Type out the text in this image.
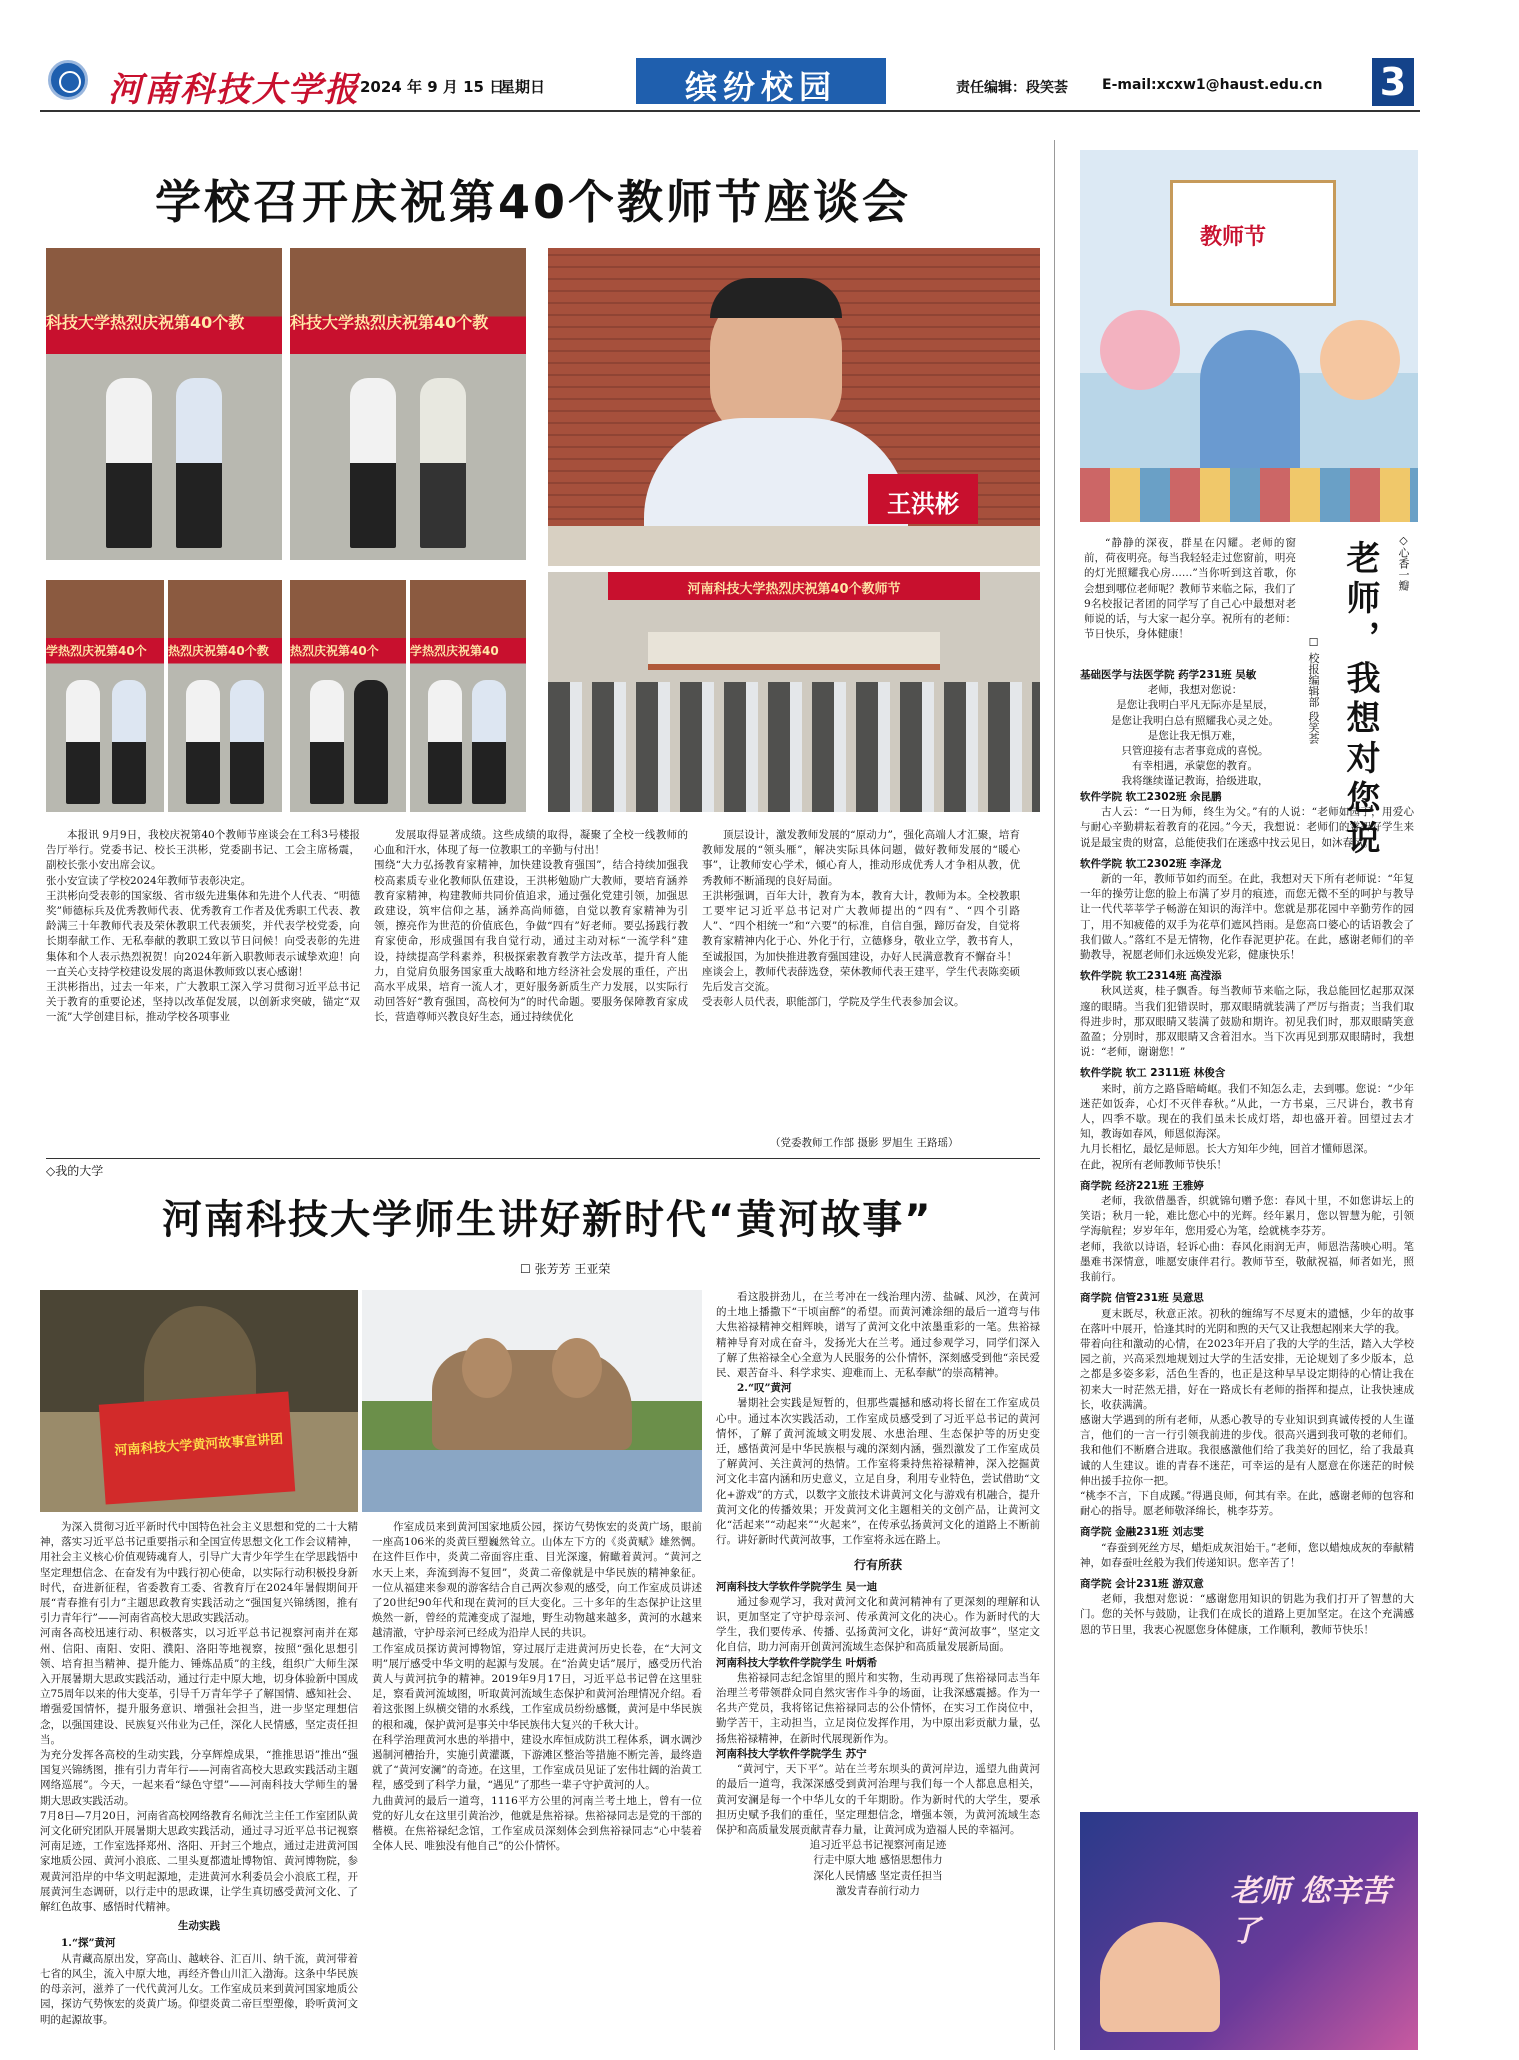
河南科技大学报 2024 年 9 月 15 日
星期日	缤纷校园	责任编辑：段笑荟 E-mail:xcxw1@haust.edu.cn 3
学校召开庆祝第40个教师节座谈会
科技大学热烈庆祝第40个教	科技大学热烈庆祝第40个教
学热烈庆祝第40个 热烈庆祝第40个教 热烈庆祝第40个	学热烈庆祝第40
王洪彬
河南科技大学热烈庆祝第40个教师节
本报讯 9月9日，我校庆祝第40个教师节座谈会在工科3号楼报告厅举行。党委书记、校长王洪彬，党委副书记、工会主席杨震，副校长张小安出席会议。
张小安宣读了学校2024年教师节表彰决定。
王洪彬向受表彰的国家级、省市级先进集体和先进个人代表、“明德奖”师德标兵及优秀教师代表、优秀教育工作者及优秀职工代表、教龄满三十年教师代表及荣休教职工代表颁奖，并代表学校党委，向长期奉献工作、无私奉献的教职工致以节日问候！向受表彰的先进集体和个人表示热烈祝贺！向2024年新入职教师表示诚挚欢迎！向一直关心支持学校建设发展的离退休教师致以衷心感谢！
王洪彬指出，过去一年来，广大教职工深入学习贯彻习近平总书记关于教育的重要论述，坚持以改革促发展，以创新求突破，锚定“双一流”大学创建目标，推动学校各项事业
发展取得显著成绩。这些成绩的取得，凝聚了全校一线教师的心血和汗水，体现了每一位教职工的辛勤与付出！
围绕“大力弘扬教育家精神，加快建设教育强国”，结合持续加强我校高素质专业化教师队伍建设，王洪彬勉励广大教师，要培育涵养教育家精神，构建教师共同价值追求，通过强化党建引领，加强思政建设，筑牢信仰之基，涵养高尚师德，自觉以教育家精神为引领，擦亮作为世范的价值底色，争做“四有”好老师。要弘扬践行教育家使命，形成强国有我自觉行动，通过主动对标“一流学科”建设，持续提高学科素养，积极探索教育教学方法改革，提升育人能力，自觉肩负服务国家重大战略和地方经济社会发展的重任，产出高水平成果，培育一流人才，更好服务新质生产力发展，以实际行动回答好“教育强国，高校何为”的时代命题。要服务保障教育家成长，营造尊师兴教良好生态，通过持续优化
顶层设计，激发教师发展的“原动力”，强化高端人才汇聚，培育教师发展的“领头雁”，解决实际具体问题，做好教师发展的“暖心事”，让教师安心学术，倾心育人，推动形成优秀人才争相从教，优秀教师不断涌现的良好局面。
王洪彬强调，百年大计，教育为本，教育大计，教师为本。全校教职工要牢记习近平总书记对广大教师提出的“四有”、“四个引路人”、“四个相统一”和“六要”的标准，自信自强，蹄厉奋发，自觉将教育家精神内化于心、外化于行，立德修身，敬业立学，教书育人，至诚报国，为加快推进教育强国建设，办好人民满意教育不懈奋斗！
座谈会上，教师代表薛选登，荣休教师代表王建平，学生代表陈奕硕先后发言交流。
受表彰人员代表，职能部门，学院及学生代表参加会议。
（党委教师工作部 摄影 罗旭生 王路瑶）
◇我的大学
河南科技大学师生讲好新时代“黄河故事”
☐ 张芳芳 王亚荣
河南科技大学黄河故事宣讲团
为深入贯彻习近平新时代中国特色社会主义思想和党的二十大精神，落实习近平总书记重要指示和全国宣传思想文化工作会议精神，用社会主义核心价值观铸魂育人，引导广大青少年学生在学思践悟中坚定理想信念、在奋发有为中践行初心使命，以实际行动积极投身新时代，奋进新征程，省委教育工委、省教育厅在2024年暑假期间开展“青春推有引力”主题思政教育实践活动之“强国复兴锦绣图，推有引力青年行”——河南省高校大思政实践活动。
河南各高校迅速行动、积极落实，以习近平总书记视察河南并在郑州、信阳、南阳、安阳、濮阳、洛阳等地视察，按照“强化思想引领、培育担当精神、提升能力、锤炼品质”的主线，组织广大师生深入开展暑期大思政实践活动，通过行走中原大地，切身体验新中国成立75周年以来的伟大变革，引导千万青年学子了解国情、感知社会、增强爱国情怀，提升服务意识、增强社会担当，进一步坚定理想信念，以强国建设、民族复兴伟业为己任，深化人民情感，坚定责任担当。
为充分发挥各高校的生动实践，分享辉煌成果，“推推思语”推出“强国复兴锦绣图，推有引力青年行——河南省高校大思政实践活动主题网络巡展”。今天，一起来看“绿色守望”——河南科技大学师生的暑期大思政实践活动。
7月8日—7月20日，河南省高校网络教育名师沈兰主任工作室团队黄河文化研究团队开展暑期大思政实践活动，通过寻习近平总书记视察河南足迹，工作室选择郑州、洛阳、开封三个地点，通过走进黄河国家地质公园、黄河小浪底、二里头夏都遗址博物馆、黄河博物院，参观黄河沿岸的中华文明起源地，走进黄河水利委员会小浪底工程，开展黄河生态调研，以行走中的思政课，让学生真切感受黄河文化、了解红色故事、感悟时代精神。
生动实践
1.“探”黄河
从青藏高原出发，穿高山、越峡谷、汇百川、纳千流，黄河带着七省的风尘，流入中原大地，再经齐鲁山川汇入渤海。这条中华民族的母亲河，滋养了一代代黄河儿女。工作室成员来到黄河国家地质公园，探访气势恢宏的炎黄广场。仰望炎黄二帝巨型塑像，聆听黄河文明的起源故事。
作室成员来到黄河国家地质公园，探访气势恢宏的炎黄广场，眼前一座高106米的炎黄巨塑巍然耸立。山体左下方的《炎黄赋》雄然惆。在这件巨作中，炎黄二帝面容庄重、目光深邃，俯瞰着黄河。“黄河之水天上来，奔流到海不复回”，炎黄二帝像就是中华民族的精神象征。一位从福建来参观的游客结合自己两次参观的感受，向工作室成员讲述了20世纪90年代和现在黄河的巨大变化。三十多年的生态保护让这里焕然一新，曾经的荒滩变成了湿地，野生动物越来越多，黄河的水越来越清澈，守护母亲河已经成为沿岸人民的共识。
工作室成员探访黄河博物馆，穿过展厅走进黄河历史长卷，在“大河文明”展厅感受中华文明的起源与发展。在“治黄史话”展厅，感受历代治黄人与黄河抗争的精神。2019年9月17日，习近平总书记曾在这里驻足，察看黄河流域图，听取黄河流域生态保护和黄河治理情况介绍。看着这张图上纵横交错的水系线，工作室成员纷纷感慨，黄河是中华民族的根和魂，保护黄河是事关中华民族伟大复兴的千秋大计。
在科学治理黄河水患的举措中，建设水库恒成防洪工程体系，调水调沙遏制河槽抬升，实施引黄灌溉，下游滩区整治等措施不断完善，最终造就了“黄河安澜”的奇迹。在这里，工作室成员见证了宏伟壮阔的治黄工程，感受到了科学力量，“遇见”了那些一辈子守护黄河的人。
九曲黄河的最后一道弯，1116平方公里的河南兰考土地上，曾有一位党的好儿女在这里引黄治沙，他就是焦裕禄。焦裕禄同志是党的干部的楷模。在焦裕禄纪念馆，工作室成员深刻体会到焦裕禄同志“心中装着全体人民、唯独没有他自己”的公仆情怀。
看这股拼劲儿，在兰考冲在一线治理内涝、盐碱、风沙，在黄河的土地上播撒下“干顷亩醉”的希望。而黄河滩涂细的最后一道弯与伟大焦裕禄精神交相辉映，谱写了黄河文化中浓墨重彩的一笔。焦裕禄精神导育对成在奋斗，发扬光大在兰考。通过参观学习，同学们深入了解了焦裕禄全心全意为人民服务的公仆情怀，深刻感受到他“亲民爱民、艰苦奋斗、科学求实、迎难而上、无私奉献”的崇高精神。
2.“叹”黄河
暑期社会实践是短暂的，但那些震撼和感动将长留在工作室成员心中。通过本次实践活动，工作室成员感受到了习近平总书记的黄河情怀，了解了黄河流域文明发展、水患治理、生态保护等的历史变迁，感悟黄河是中华民族根与魂的深刻内涵，强烈激发了工作室成员了解黄河、关注黄河的热情。工作室将秉持焦裕禄精神，深入挖掘黄河文化丰富内涵和历史意义，立足自身，利用专业特色，尝试借助“文化+游戏”的方式，以数字文旅技术讲黄河文化与游戏有机融合，提升黄河文化的传播效果；开发黄河文化主题相关的文创产品，让黄河文化“活起来”“动起来”“火起来”，在传承弘扬黄河文化的道路上不断前行。讲好新时代黄河故事，工作室将永远在路上。
行有所获
河南科技大学软件学院学生 吴一迪
通过参观学习，我对黄河文化和黄河精神有了更深刻的理解和认识，更加坚定了守护母亲河、传承黄河文化的决心。作为新时代的大学生，我们要传承、传播、弘扬黄河文化，讲好“黄河故事”，坚定文化自信，助力河南开创黄河流域生态保护和高质量发展新局面。
河南科技大学软件学院学生 叶炳希
焦裕禄同志纪念馆里的照片和实物，生动再现了焦裕禄同志当年治理兰考带领群众同自然灾害作斗争的场面，让我深感震撼。作为一名共产党员，我将铭记焦裕禄同志的公仆情怀，在实习工作岗位中，勤学苦干，主动担当，立足岗位发挥作用，为中原出彩贡献力量，弘扬焦裕禄精神，在新时代展现新作为。
河南科技大学软件学院学生 苏宁
“黄河宁，天下平”。站在兰考东坝头的黄河岸边，遥望九曲黄河的最后一道弯，我深深感受到黄河治理与我们每一个人都息息相关，黄河安澜是每一个中华儿女的千年期盼。作为新时代的大学生，要承担历史赋予我们的重任，坚定理想信念，增强本领，为黄河流域生态保护和高质量发展贡献青春力量，让黄河成为造福人民的幸福河。
追习近平总书记视察河南足迹
行走中原大地 感悟思想伟力
深化人民情感 坚定责任担当
激发青春前行动力
教师节
◇心香一瓣
老师，我想对您说
☐ 校报编辑部 段笑荟
“静静的深夜，群星在闪耀。老师的窗前，荷夜明亮。每当我轻轻走过您窗前，明亮的灯光照耀我心房……”当你听到这首歌，你会想到哪位老师呢？教师节来临之际，我们了9名校报记者团的同学写了自己心中最想对老师说的话，与大家一起分享。祝所有的老师：节日快乐，身体健康！
基础医学与法医学院 药学231班 吴敏
老师，我想对您说：
是您让我明白平凡无际亦是星辰，
是您让我明白总有照耀我心灵之处。
是您让我无惧万难，
只管迎接有志者事竟成的喜悦。
有幸相遇，承蒙您的教育。
我将继续谨记教诲，拾级进取，

软件学院 软工2302班 余昆鹏
古人云：“一日为师，终生为父。”有的人说：“老师如园丁，用爱心与耐心辛勤耕耘着教育的花园。”今天，我想说：老师们的睿智好学生来说是最宝贵的财富，总能使我们在迷惑中找云见日，如沐春风。
软件学院 软工2302班 李泽龙
新的一年，教师节如约而至。在此，我想对天下所有老师说：“年复一年的操劳让您的脸上布满了岁月的痕迹，而您无微不至的呵护与教导让一代代莘莘学子畅游在知识的海洋中。您就是那花园中辛勤劳作的园丁，用不知疲倦的双手为花草们遮风挡雨。是您高口婆心的话语教会了我们做人。”落红不是无情物，化作春泥更护花。在此，感谢老师们的辛勤教导，祝愿老师们永远焕发光彩，健康快乐！
软件学院 软工2314班 高滢添
秋风送爽，桂子飘香。每当教师节来临之际，我总能回忆起那双深邃的眼睛。当我们犯错误时，那双眼睛就装满了严厉与指责；当我们取得进步时，那双眼睛又装满了鼓励和期许。初见我们时，那双眼睛笑意盈盈；分别时，那双眼睛又含着泪水。当下次再见到那双眼睛时，我想说：“老师，谢谢您！”
软件学院 软工 2311班 林俊含
来时，前方之路昏暗崎岖。我们不知怎么走，去到哪。您说：“少年迷茫如饭奔，心灯不灭伴春秋。”从此，一方书桌，三尺讲台，教书育人，四季不歇。现在的我们虽未长成灯塔，却也盛开着。回望过去才知，教诲如春风，师恩似海深。
九月长相忆，最忆是师恩。长大方知年少纯，回首才懂师恩深。
在此，祝所有老师教师节快乐！
商学院 经济221班 王雅婷
老师，我欲借墨香，织就锦句赠予您：春风十里，不如您讲坛上的笑语；秋月一轮，难比您心中的光辉。经年累月，您以智慧为舵，引领学海航程；岁岁年年，您用爱心为笔，绘就桃李芬芳。
老师，我欲以诗语，轻诉心曲：春风化雨润无声，师恩浩荡映心明。笔墨难书深情意，唯愿安康伴君行。教师节至，敬献祝福，师者如光，照我前行。
商学院 信管231班 吴意思
夏末既尽，秋意正浓。初秋的缠绵写不尽夏末的遗憾，少年的故事在落叶中展开，恰逢其时的光阴和煦的天气又让我想起刚来大学的我。
带着向往和激动的心情，在2023年开启了我的大学的生活，踏入大学校园之前，兴高采烈地规划过大学的生活安排，无论规划了多少版本，总之都是多姿多彩，活色生香的，也正是这种早早设定期待的心情让我在初来大一时茫然无措，好在一路成长有老师的指挥和提点，让我快速成长，收获满满。
感谢大学遇到的所有老师，从悉心教导的专业知识到真诚传授的人生谨言，他们的一言一行引领我前进的步伐。很高兴遇到我可敬的老师们。我和他们不断磨合进取。我很感激他们给了我美好的回忆，给了我最真诚的人生建议。谁的青春不迷茫，可幸运的是有人愿意在你迷茫的时候伸出援手拉你一把。
“桃李不言，下自成蹊。”得遇良师，何其有幸。在此，感谢老师的包容和耐心的指导。愿老师敬泽绵长，桃李芬芳。
商学院 金融231班 刘志雯
“春蚕到死丝方尽，蜡炬成灰泪始干。”老师，您以蜡烛成灰的奉献精神，如春蚕吐丝般为我们传递知识。您辛苦了！
商学院 会计231班 游双意
老师，我想对您说：“感谢您用知识的钥匙为我们打开了智慧的大门。您的关怀与鼓励，让我们在成长的道路上更加坚定。在这个充满感恩的节日里，我衷心祝愿您身体健康，工作顺利，教师节快乐！
老师 您辛苦了
